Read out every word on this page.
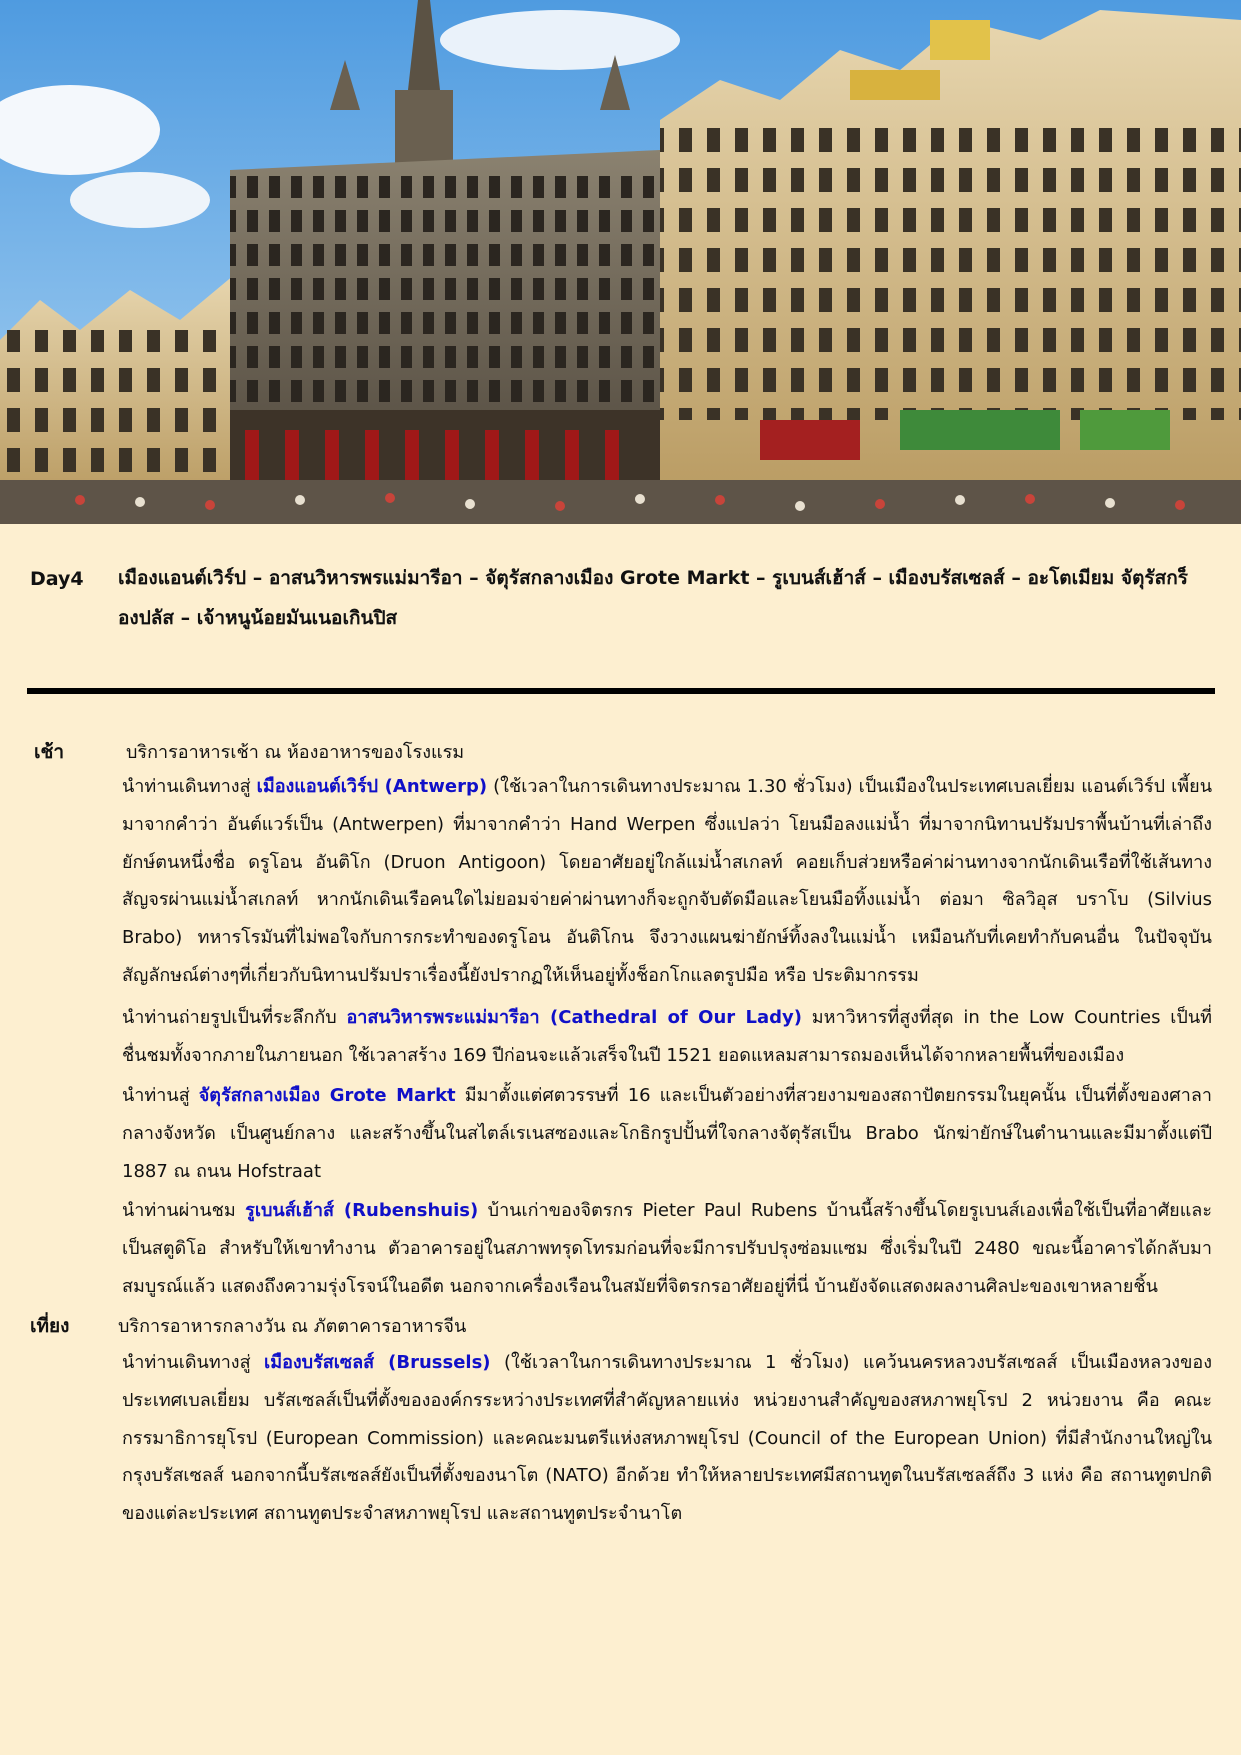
Day4 เมืองแอนต์เวิร์ป – อาสนวิหารพรแม่มารีอา – จัตุรัสกลางเมือง Grote Markt – รูเบนส์เฮ้าส์ – เมืองบรัสเซลส์ – อะโตเมียม จัตุรัสกร็องปลัส – เจ้าหนูน้อยมันเนอเกินปิส
เช้า	บริการอาหารเช้า ณ ห้องอาหารของโรงแรม
นำท่านเดินทางสู่ เมืองแอนต์เวิร์ป (Antwerp) (ใช้เวลาในการเดินทางประมาณ 1.30 ชั่วโมง) เป็นเมืองในประเทศเบลเยี่ยม แอนต์เวิร์ป เพี้ยนมาจากคำว่า อันต์แวร์เป็น (Antwerpen) ที่มาจากคำว่า Hand Werpen ซึ่งแปลว่า โยนมือลงแม่น้ำ ที่มาจากนิทานปรัมปราพื้นบ้านที่เล่าถึงยักษ์ตนหนึ่งชื่อ ดรูโอน อันติโก (Druon Antigoon) โดยอาศัยอยู่ใกล้แม่น้ำสเกลท์ คอยเก็บส่วยหรือค่าผ่านทางจากนักเดินเรือที่ใช้เส้นทางสัญจรผ่านแม่น้ำสเกลท์ หากนักเดินเรือคนใดไม่ยอมจ่ายค่าผ่านทางก็จะถูกจับตัดมือและโยนมือทิ้งแม่น้ำ ต่อมา ซิลวิอุส บราโบ (Silvius Brabo) ทหารโรมันที่ไม่พอใจกับการกระทำของดรูโอน อันติโกน จึงวางแผนฆ่ายักษ์ทิ้งลงในแม่น้ำ เหมือนกับที่เคยทำกับคนอื่น ในปัจจุบันสัญลักษณ์ต่างๆที่เกี่ยวกับนิทานปรัมปราเรื่องนี้ยังปรากฏให้เห็นอยู่ทั้งช็อกโกแลตรูปมือ หรือ ประติมากรรม
นำท่านถ่ายรูปเป็นที่ระลึกกับ อาสนวิหารพระแม่มารีอา (Cathedral of Our Lady) มหาวิหารที่สูงที่สุด in the Low Countries เป็นที่ชื่นชมทั้งจากภายในภายนอก ใช้เวลาสร้าง 169 ปีก่อนจะแล้วเสร็จในปี 1521 ยอดแหลมสามารถมองเห็นได้จากหลายพื้นที่ของเมือง
นำท่านสู่ จัตุรัสกลางเมือง Grote Markt มีมาตั้งแต่ศตวรรษที่ 16 และเป็นตัวอย่างที่สวยงามของสถาปัตยกรรมในยุคนั้น เป็นที่ตั้งของศาลากลางจังหวัด เป็นศูนย์กลาง และสร้างขึ้นในสไตล์เรเนสซองและโกธิกรูปปั้นที่ใจกลางจัตุรัสเป็น Brabo นักฆ่ายักษ์ในตำนานและมีมาตั้งแต่ปี 1887 ณ ถนน Hofstraat
นำท่านผ่านชม รูเบนส์เฮ้าส์ (Rubenshuis) บ้านเก่าของจิตรกร Pieter Paul Rubens บ้านนี้สร้างขึ้นโดยรูเบนส์เองเพื่อใช้เป็นที่อาศัยและเป็นสตูดิโอ สำหรับให้เขาทำงาน ตัวอาคารอยู่ในสภาพทรุดโทรมก่อนที่จะมีการปรับปรุงซ่อมแซม ซึ่งเริ่มในปี 2480 ขณะนี้อาคารได้กลับมาสมบูรณ์แล้ว แสดงถึงความรุ่งโรจน์ในอดีต นอกจากเครื่องเรือนในสมัยที่จิตรกรอาศัยอยู่ที่นี่ บ้านยังจัดแสดงผลงานศิลปะของเขาหลายชิ้น
เที่ยง	บริการอาหารกลางวัน ณ ภัตตาคารอาหารจีน
นำท่านเดินทางสู่ เมืองบรัสเซลส์ (Brussels) (ใช้เวลาในการเดินทางประมาณ 1 ชั่วโมง) แคว้นนครหลวงบรัสเซลส์ เป็นเมืองหลวงของประเทศเบลเยี่ยม บรัสเซลส์เป็นที่ตั้งขององค์กรระหว่างประเทศที่สำคัญหลายแห่ง หน่วยงานสำคัญของสหภาพยุโรป 2 หน่วยงาน คือ คณะกรรมาธิการยุโรป (European Commission) และคณะมนตรีแห่งสหภาพยุโรป (Council of the European Union) ที่มีสำนักงานใหญ่ในกรุงบรัสเซลส์ นอกจากนี้บรัสเซลส์ยังเป็นที่ตั้งของนาโต (NATO) อีกด้วย ทำให้หลายประเทศมีสถานทูตในบรัสเซลส์ถึง 3 แห่ง คือ สถานทูตปกติของแต่ละประเทศ สถานทูตประจำสหภาพยุโรป และสถานทูตประจำนาโต
